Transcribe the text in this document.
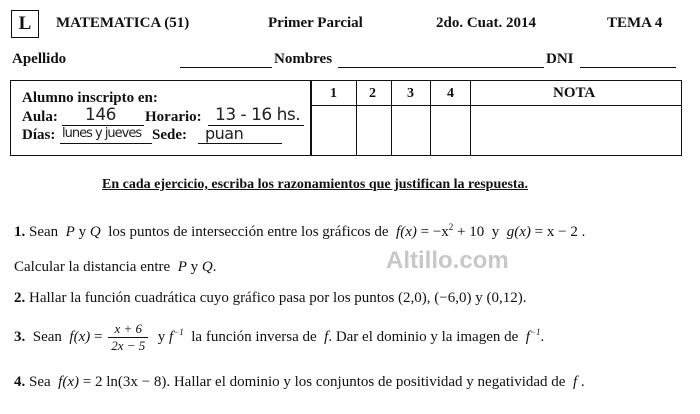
L	MATEMATICA (51)	Primer Parcial	2do. Cuat. 2014	TEMA 4
Apellido	Nombres	DNI
Alumno inscripto en:
Aula: 146 Horario: 13 - 16 hs.
Días: lunes y jueves Sede: puan
1 2 3 4	NOTA
En cada ejercicio, escriba los razonamientos que justifican la respuesta.
Altillo.com
1. Sean  P y Q  los puntos de intersección entre los gráficos de  $f(x) = -x^2 + 10$  y  g(x) = x − 2 .
Calcular la distancia entre  P y Q.
2. Hallar la función cuadrática cuyo gráfico pasa por los puntos (2,0), (−6,0) y (0,12).
3. Sean  $f(x) = \frac{x + 6}{2x - 5}$ y $f^{-1}$ la función inversa de  f. Dar el dominio y la imagen de  $f^{-1}$.
4. Sea  f(x) = 2 ln(3x − 8). Hallar el dominio y los conjuntos de positividad y negatividad de  f .
